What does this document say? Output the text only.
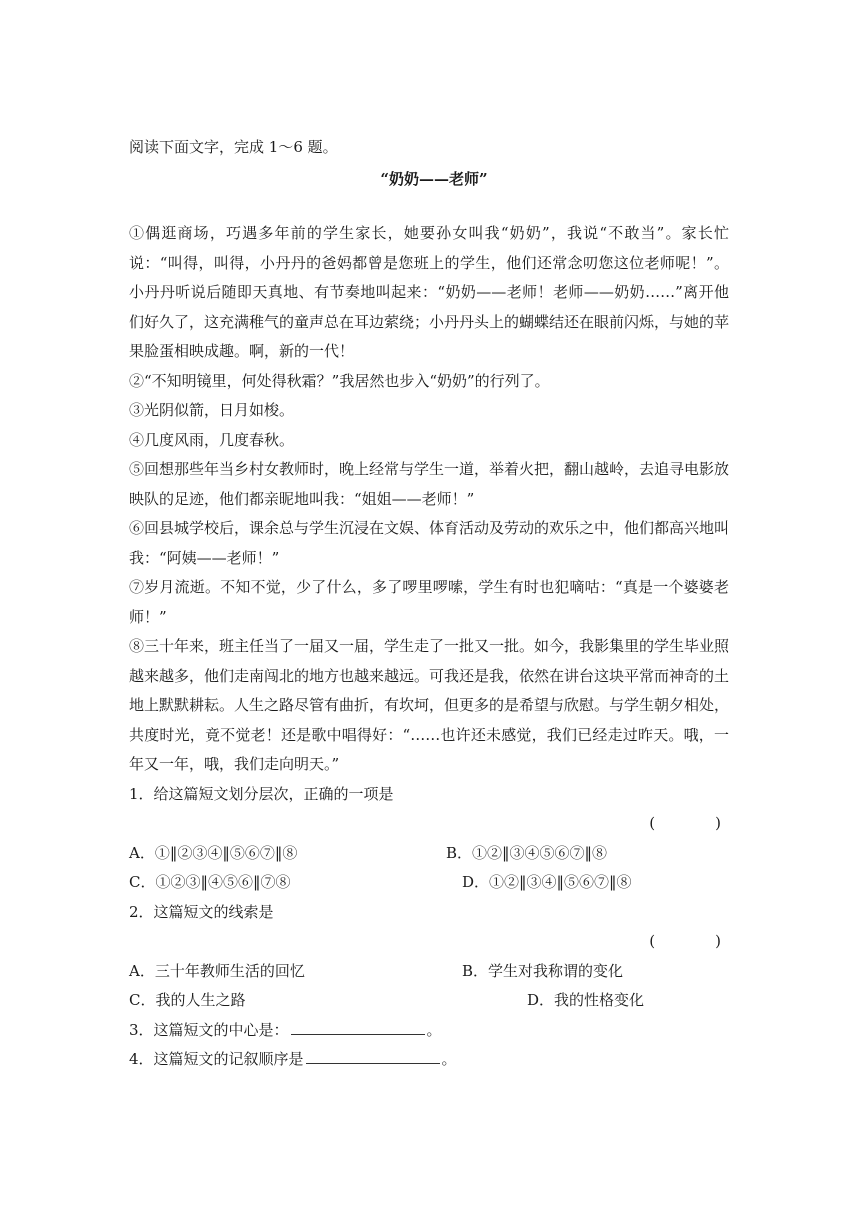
阅读下面文字，完成 1～6 题。

“奶奶——老师”

①偶逛商场，巧遇多年前的学生家长，她要孙女叫我“奶奶”，我说“不敢当”。家长忙说：“叫得，叫得，小丹丹的爸妈都曾是您班上的学生，他们还常念叨您这位老师呢！”。小丹丹听说后随即天真地、有节奏地叫起来：“奶奶——老师！老师——奶奶……”离开他们好久了，这充满稚气的童声总在耳边萦绕；小丹丹头上的蝴蝶结还在眼前闪烁，与她的苹果脸蛋相映成趣。啊，新的一代！

②“不知明镜里，何处得秋霜？”我居然也步入“奶奶”的行列了。

③光阴似箭，日月如梭。

④几度风雨，几度春秋。

⑤回想那些年当乡村女教师时，晚上经常与学生一道，举着火把，翻山越岭，去追寻电影放映队的足迹，他们都亲昵地叫我：“姐姐——老师！”

⑥回县城学校后，课余总与学生沉浸在文娱、体育活动及劳动的欢乐之中，他们都高兴地叫我：“阿姨——老师！”

⑦岁月流逝。不知不觉，少了什么，多了啰里啰嗦，学生有时也犯嘀咕：“真是一个婆婆老师！”

⑧三十年来，班主任当了一届又一届，学生走了一批又一批。如今，我影集里的学生毕业照越来越多，他们走南闯北的地方也越来越远。可我还是我，依然在讲台这块平常而神奇的土地上默默耕耘。人生之路尽管有曲折，有坎坷，但更多的是希望与欣慰。与学生朝夕相处，共度时光，竟不觉老！还是歌中唱得好：“……也许还未感觉，我们已经走过昨天。哦，一年又一年，哦，我们走向明天。”

1．给这篇短文划分层次，正确的一项是

(　　　　)

A．①‖②③④‖⑤⑥⑦‖⑧	B．①②‖③④⑤⑥⑦‖⑧
C．①②③‖④⑤⑥‖⑦⑧	D．①②‖③④‖⑤⑥⑦‖⑧

2．这篇短文的线索是

(　　　　)

A．三十年教师生活的回忆	B．学生对我称谓的变化
C．我的人生之路	D．我的性格变化

3．这篇短文的中心是：	。

4．这篇短文的记叙顺序是	。
